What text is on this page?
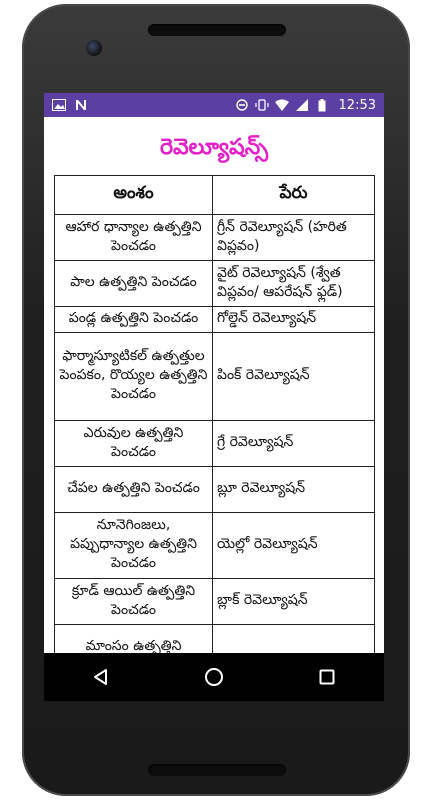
12:53
రెవెల్యూషన్స్
అంశం	పేరు
ఆహార ధాన్యాల ఉత్పత్తిని పెంచడం	గ్రీన్ రెవెల్యూషన్ (హరిత విప్లవం)
పాల ఉత్పత్తిని పెంచడం	వైట్ రెవెల్యూషన్ (శ్వేత విప్లవం/ ఆపరేషన్ ఫ్లడ్)
పండ్ల ఉత్పత్తిని పెంచడం	గోల్డెన్ రెవెల్యూషన్
ఫార్మాస్యూటికల్ ఉత్పత్తుల పెంపకం, రొయ్యల ఉత్పత్తిని పెంచడం	పింక్ రెవెల్యూషన్
ఎరువుల ఉత్పత్తిని పెంచడం	గ్రే రెవెల్యూషన్
చేపల ఉత్పత్తిని పెంచడం	బ్లూ రెవెల్యూషన్
నూనెగింజలు, పప్పుధాన్యాల ఉత్పత్తిని పెంచడం	యెల్లో రెవెల్యూషన్
క్రూడ్ ఆయిల్ ఉత్పత్తిని పెంచడం	బ్లాక్ రెవెల్యూషన్
మాంసం ఉత్పత్తిని	
